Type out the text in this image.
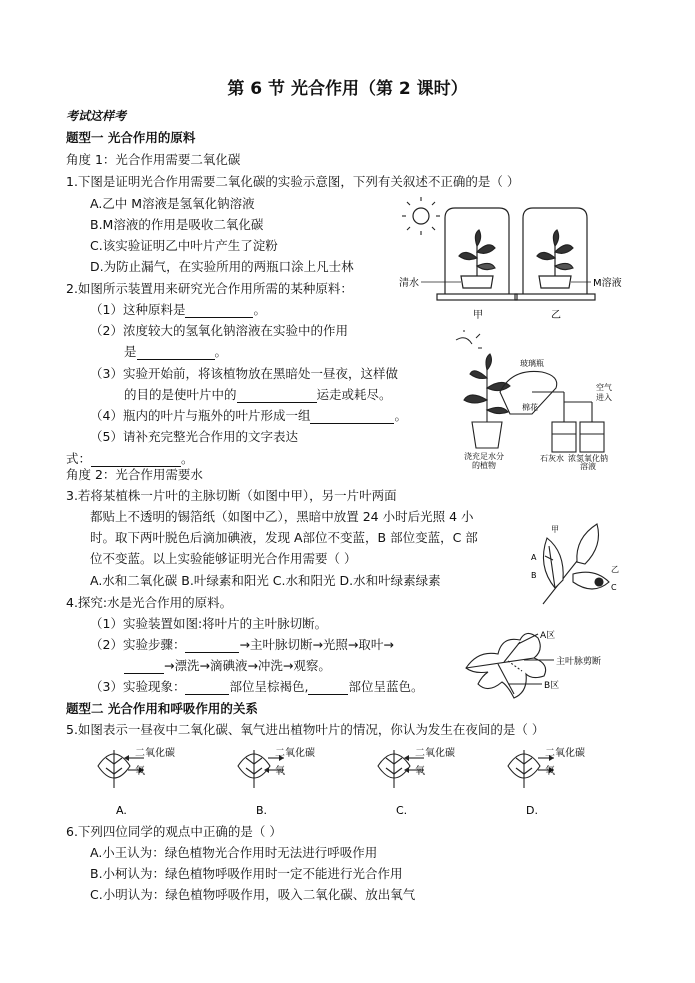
第 6 节 光合作用（第 2 课时）
考试这样考
题型一 光合作用的原料
角度 1：光合作用需要二氧化碳
1.下图是证明光合作用需要二氧化碳的实验示意图，下列有关叙述不正确的是（ ）
A.乙中 M溶液是氢氧化钠溶液
B.M溶液的作用是吸收二氧化碳
C.该实验证明乙中叶片产生了淀粉
D.为防止漏气，在实验所用的两瓶口涂上凡士林
清水	M溶液
甲	乙
2.如图所示装置用来研究光合作用所需的某种原料：
（1）这种原料是	。
（2）浓度较大的氢氧化钠溶液在实验中的作用
是	。
（3）实验开始前，将该植物放在黑暗处一昼夜，这样做
的目的是使叶片中的	运走或耗尽。
（4）瓶内的叶片与瓶外的叶片形成一组	。
（5）请补充完整光合作用的文字表达
式：	。
玻璃瓶
棉花
空气
进入
浇充足水分
的植物
石灰水 浓氢氧化钠
溶液
角度 2：光合作用需要水
3.若将某植株一片叶的主脉切断（如图中甲），另一片叶两面
都贴上不透明的锡箔纸（如图中乙），黑暗中放置 24 小时后光照 4 小
时。取下两叶脱色后滴加碘液，发现 A部位不变蓝，B 部位变蓝，C 部
位不变蓝。以上实验能够证明光合作用需要（ ）
A.水和二氧化碳 B.叶绿素和阳光 C.水和阳光 D.水和叶绿素绿素
甲
乙
A
B
C
4.探究:水是光合作用的原料。
（1）实验装置如图:将叶片的主叶脉切断。
（2）实验步骤：	→主叶脉切断→光照→取叶→
→漂洗→滴碘液→冲洗→观察。
（3）实验现象：	部位呈棕褐色,	部位呈蓝色。
A区
主叶脉剪断
B区
题型二 光合作用和呼吸作用的关系
5.如图表示一昼夜中二氧化碳、氧气进出植物叶片的情况，你认为发生在夜间的是（ ）
二氧化碳
氧
A.
二氧化碳
氧
B.
二氧化碳
氧
C.
二氧化碳
氧
D.
6.下列四位同学的观点中正确的是（ ）
A.小王认为：绿色植物光合作用时无法进行呼吸作用
B.小柯认为：绿色植物呼吸作用时一定不能进行光合作用
C.小明认为：绿色植物呼吸作用，吸入二氧化碳、放出氧气
